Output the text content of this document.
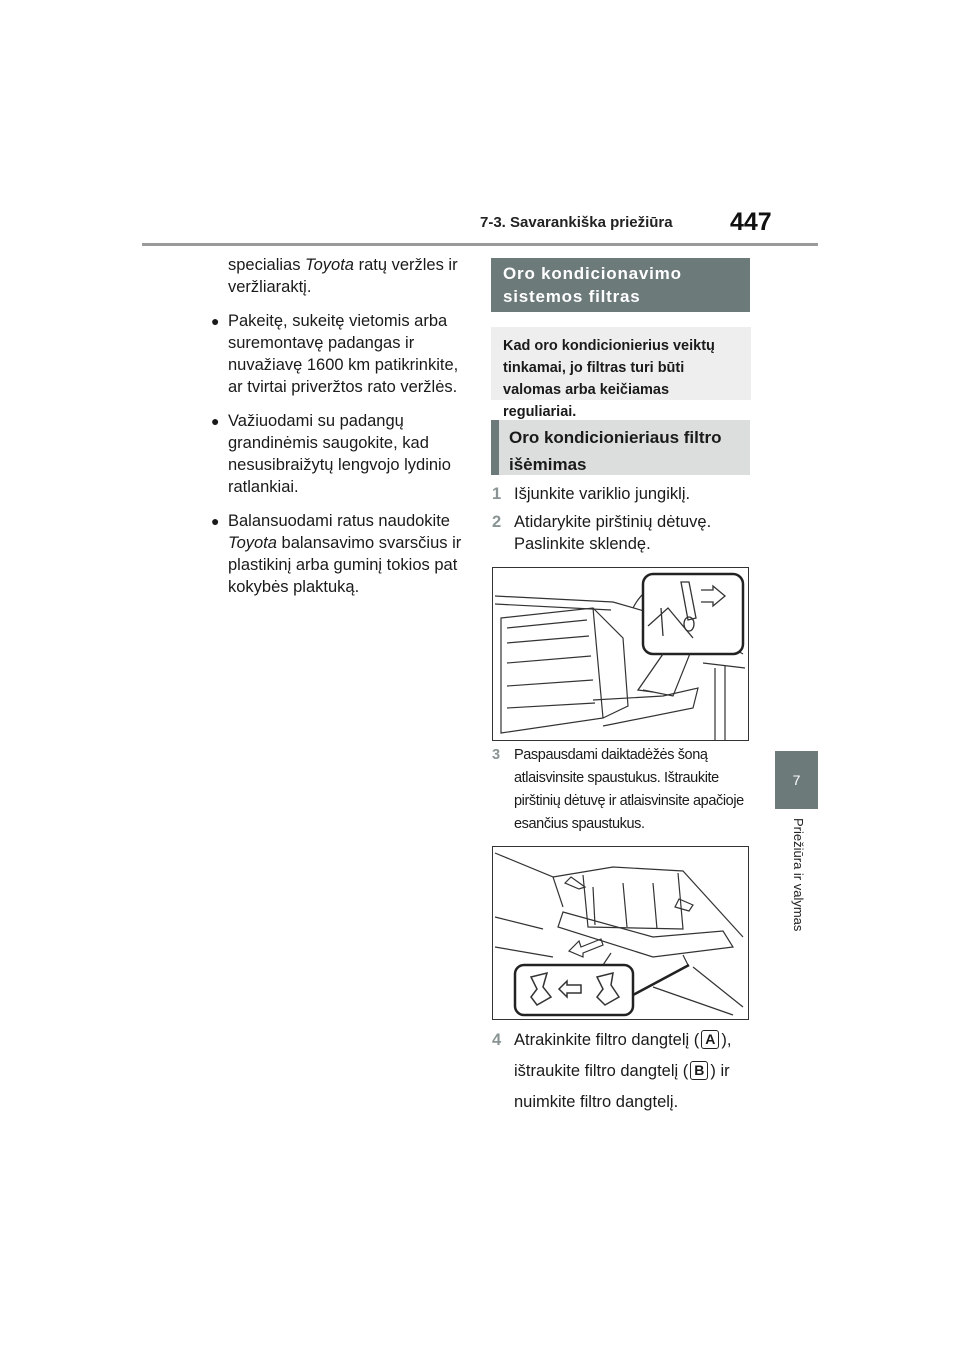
7-3. Savarankiška priežiūra 447
7
Priežiūra ir valymas

specialias Toyota ratų veržles ir veržliaraktį.

● Pakeitę, sukeitę vietomis arba suremontavę padangas ir nuvažiavę 1600 km patikrinkite, ar tvirtai priveržtos rato veržlės.

● Važiuodami su padangų grandinėmis saugokite, kad nesusibraižytų lengvojo lydinio ratlankiai.

● Balansuodami ratus naudokite Toyota balansavimo svarsčius ir plastikinį arba guminį tokios pat kokybės plaktuką.

Oro kondicionavimo sistemos filtras
Kad oro kondicionierius veiktų tinkamai, jo filtras turi būti valomas arba keičiamas reguliariai.
Oro kondicionieriaus filtro išėmimas
1 Išjunkite variklio jungiklį.
2 Atidarykite pirštinių dėtuvę. Paslinkite sklendę.
3 Paspausdami daiktadėžės šoną atlaisvinsite spaustukus. Ištraukite pirštinių dėtuvę ir atlaisvinsite apačioje esančius spaustukus.
4 Atrakinkite filtro dangtelį ( A ), ištraukite filtro dangtelį ( B ) ir nuimkite filtro dangtelį.
